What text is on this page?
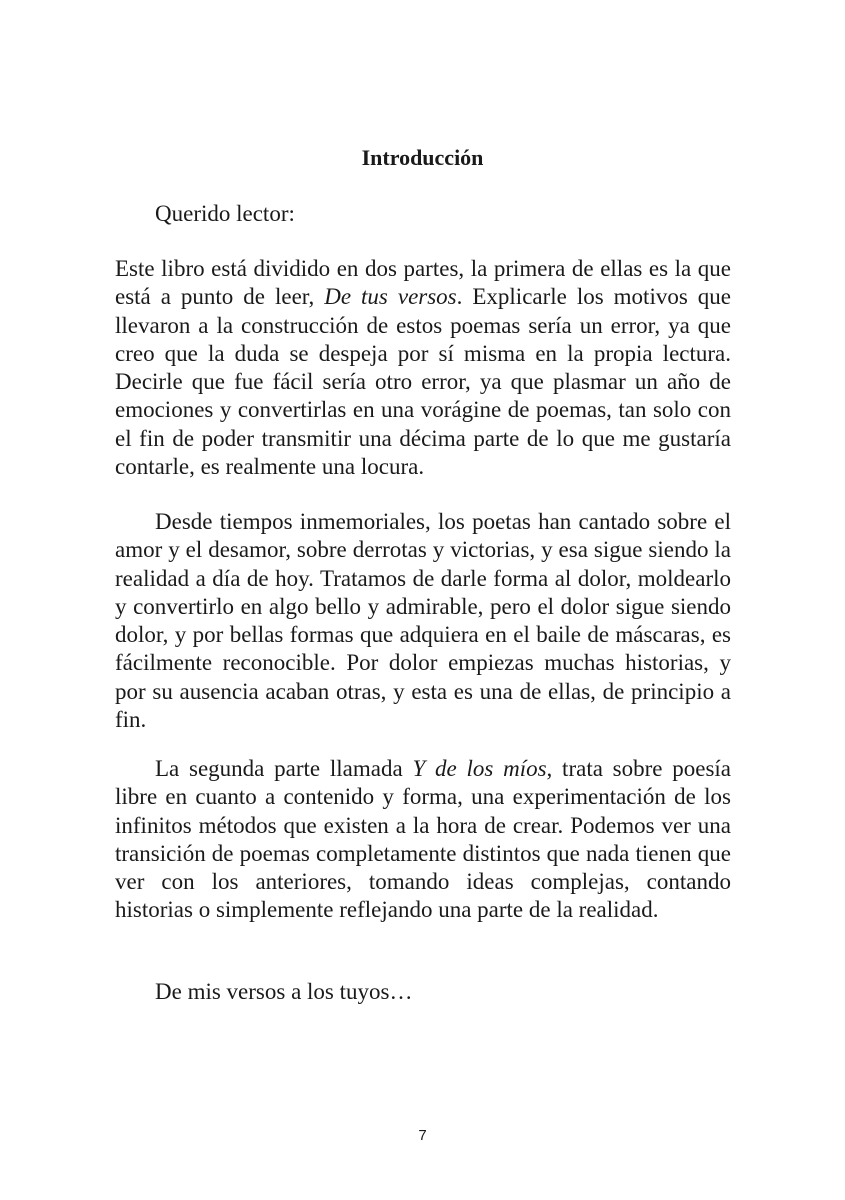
Introducción
Querido lector:

Este libro está dividido en dos partes, la primera de ellas es la que está a punto de leer, De tus versos. Explicarle los motivos que llevaron a la construcción de estos poemas sería un error, ya que creo que la duda se despeja por sí misma en la propia lectura. Decirle que fue fácil sería otro error, ya que plasmar un año de emociones y convertirlas en una vorágine de poemas, tan solo con el fin de poder transmitir una décima parte de lo que me gustaría contarle, es realmente una locura.

Desde tiempos inmemoriales, los poetas han cantado sobre el amor y el desamor, sobre derrotas y victorias, y esa sigue siendo la realidad a día de hoy. Tratamos de darle forma al dolor, moldearlo y convertirlo en algo bello y admirable, pero el dolor sigue siendo dolor, y por bellas formas que adquiera en el baile de máscaras, es fácilmente reconocible. Por dolor empiezas muchas historias, y por su ausencia acaban otras, y esta es una de ellas, de principio a fin.

La segunda parte llamada Y de los míos, trata sobre poesía libre en cuanto a contenido y forma, una experimentación de los infinitos métodos que existen a la hora de crear. Podemos ver una transición de poemas completamente distintos que nada tienen que ver con los anteriores, tomando ideas complejas, contando historias o simplemente reflejando una parte de la realidad.

De mis versos a los tuyos…
7
